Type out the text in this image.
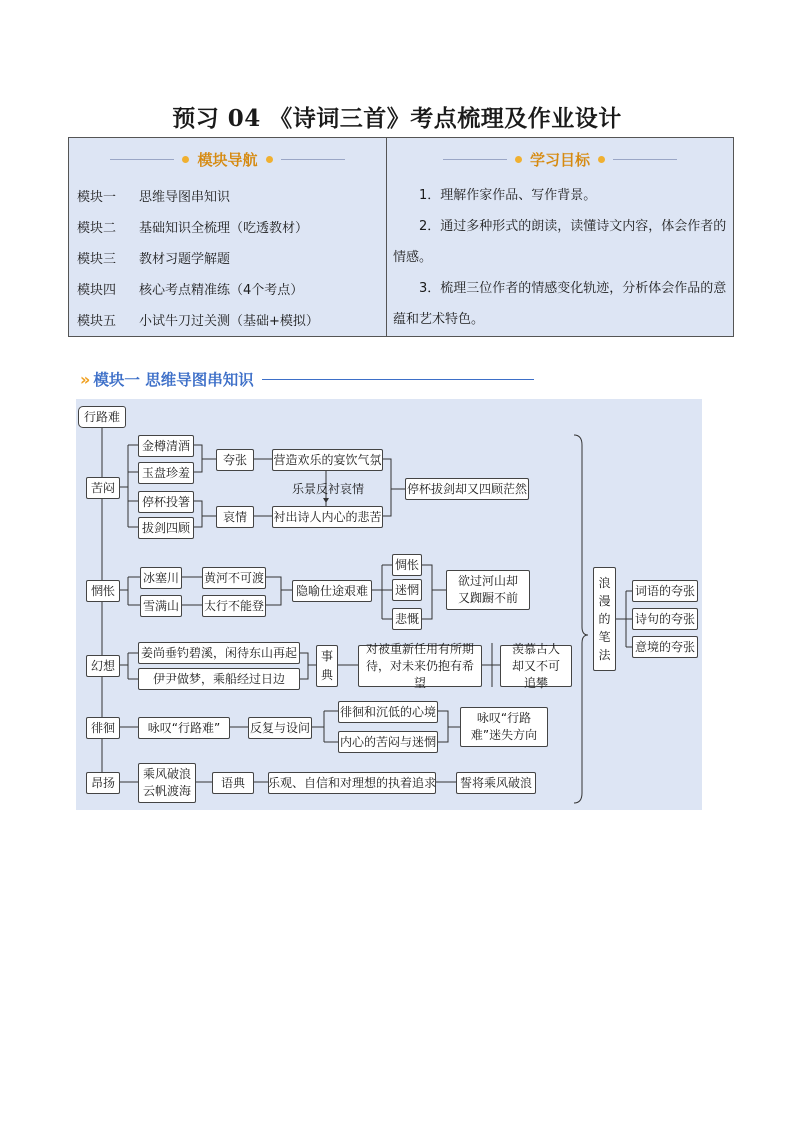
预习 04 《诗词三首》考点梳理及作业设计
模块导航
模块一	思维导图串知识
模块二	基础知识全梳理（吃透教材）
模块三	教材习题学解题
模块四	核心考点精准练（4个考点）
模块五	小试牛刀过关测（基础+模拟）
学习目标

1．理解作家作品、写作背景。

2．通过多种形式的朗读，读懂诗文内容，体会作者的情感。

3．梳理三位作者的情感变化轨迹，分析体会作品的意蕴和艺术特色。

» 模块一 思维导图串知识
行路难
苦闷
金樽清酒
玉盘珍羞
停杯投箸
拔剑四顾
夸张
哀情
营造欢乐的宴饮气氛
乐景反衬哀情
衬出诗人内心的悲苦
停杯拔剑却又四顾茫然
惘怅
冰塞川
雪满山
黄河不可渡
太行不能登
隐喻仕途艰难
惆怅
迷惘
悲慨
欲过河山却又踟蹰不前
幻想
姜尚垂钓碧溪，闲待东山再起
伊尹做梦，乘船经过日边
事典
对被重新任用有所期待，对未来仍抱有希望
羡慕古人却又不可追攀
徘徊	咏叹“行路难”	反复与设问
徘徊和沉低的心境
内心的苦闷与迷惘
咏叹“行路难”迷失方向
昂扬
乘风破浪云帆渡海
语典	乐观、自信和对理想的执着追求	誓将乘风破浪
浪漫的笔法
词语的夸张
诗句的夸张
意境的夸张
